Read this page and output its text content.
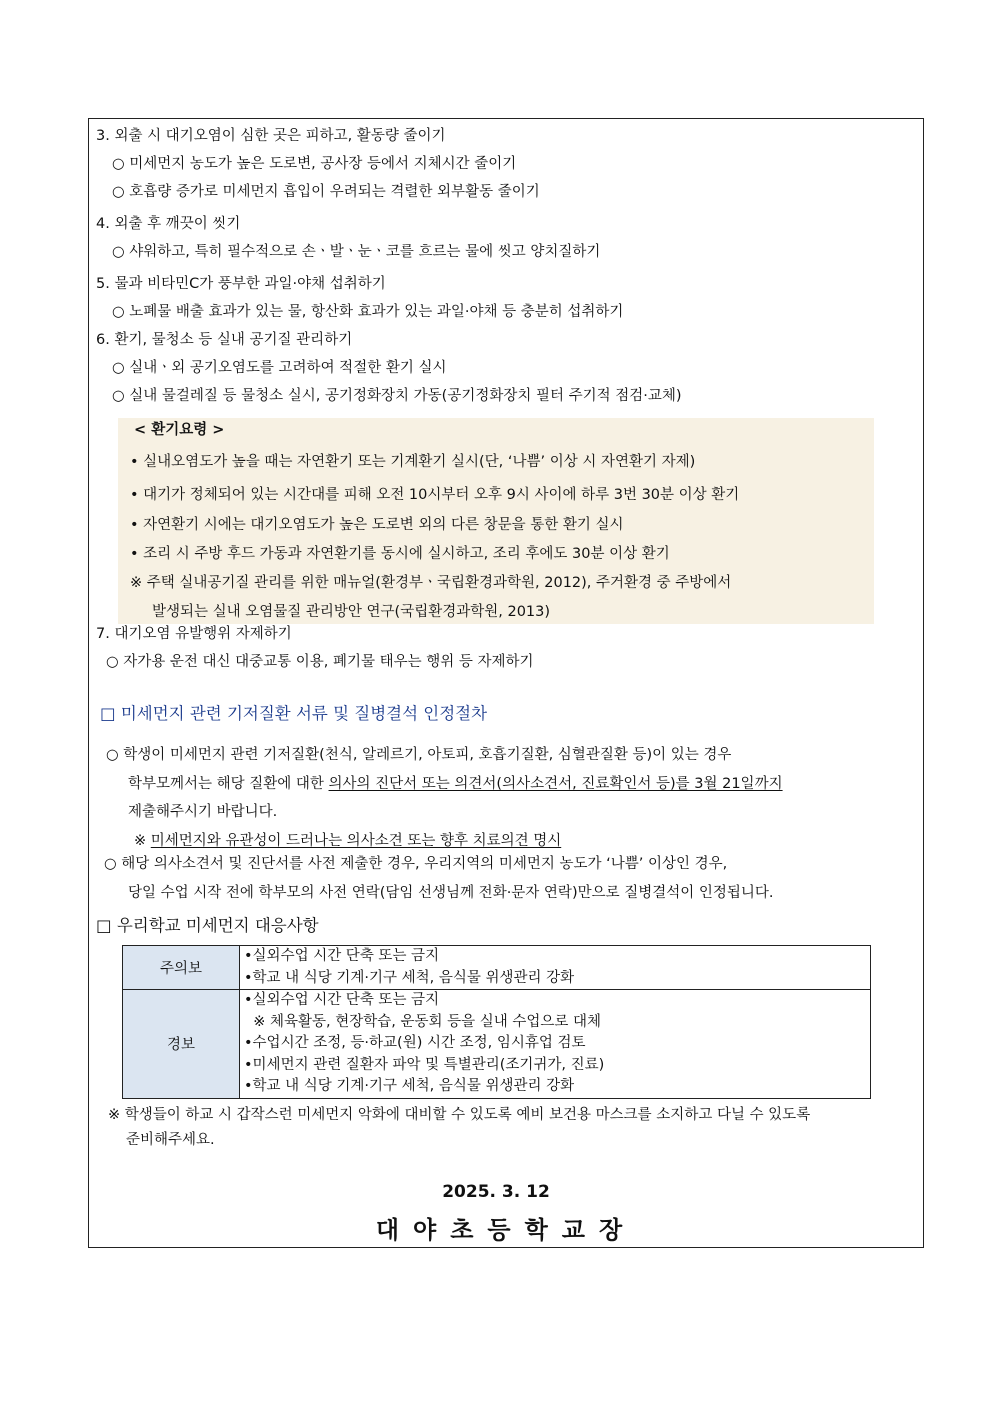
3. 외출 시 대기오염이 심한 곳은 피하고, 활동량 줄이기
○ 미세먼지 농도가 높은 도로변, 공사장 등에서 지체시간 줄이기
○ 호흡량 증가로 미세먼지 흡입이 우려되는 격렬한 외부활동 줄이기
4. 외출 후 깨끗이 씻기
○ 샤워하고, 특히 필수적으로 손ㆍ발ㆍ눈ㆍ코를 흐르는 물에 씻고 양치질하기
5. 물과 비타민C가 풍부한 과일·야채 섭취하기
○ 노폐물 배출 효과가 있는 물, 항산화 효과가 있는 과일·야채 등 충분히 섭취하기
6. 환기, 물청소 등 실내 공기질 관리하기
○ 실내ㆍ외 공기오염도를 고려하여 적절한 환기 실시
○ 실내 물걸레질 등 물청소 실시, 공기정화장치 가동(공기정화장치 필터 주기적 점검·교체)
< 환기요령 >
• 실내오염도가 높을 때는 자연환기 또는 기계환기 실시(단, ‘나쁨’ 이상 시 자연환기 자제)
• 대기가 정체되어 있는 시간대를 피해 오전 10시부터 오후 9시 사이에 하루 3번 30분 이상 환기
• 자연환기 시에는 대기오염도가 높은 도로변 외의 다른 창문을 통한 환기 실시
• 조리 시 주방 후드 가동과 자연환기를 동시에 실시하고, 조리 후에도 30분 이상 환기
※ 주택 실내공기질 관리를 위한 매뉴얼(환경부ㆍ국립환경과학원, 2012), 주거환경 중 주방에서
발생되는 실내 오염물질 관리방안 연구(국립환경과학원, 2013)
7. 대기오염 유발행위 자제하기
○ 자가용 운전 대신 대중교통 이용, 폐기물 태우는 행위 등 자제하기
□ 미세먼지 관련 기저질환 서류 및 질병결석 인정절차
○ 학생이 미세먼지 관련 기저질환(천식, 알레르기, 아토피, 호흡기질환, 심혈관질환 등)이 있는 경우
학부모께서는 해당 질환에 대한 의사의 진단서 또는 의견서(의사소견서, 진료확인서 등)를 3월 21일까지
제출해주시기 바랍니다.
※ 미세먼지와 유관성이 드러나는 의사소견 또는 향후 치료의견 명시
○ 해당 의사소견서 및 진단서를 사전 제출한 경우, 우리지역의 미세먼지 농도가 ‘나쁨’ 이상인 경우,
당일 수업 시작 전에 학부모의 사전 연락(담임 선생님께 전화·문자 연락)만으로 질병결석이 인정됩니다.
□ 우리학교 미세먼지 대응사항
주의보	•실외수업 시간 단축 또는 금지
•학교 내 식당 기계·기구 세척, 음식물 위생관리 강화

경보	•실외수업 시간 단축 또는 금지
※ 체육활동, 현장학습, 운동회 등을 실내 수업으로 대체
•수업시간 조정, 등·하교(원) 시간 조정, 임시휴업 검토
•미세먼지 관련 질환자 파악 및 특별관리(조기귀가, 진료)
•학교 내 식당 기계·기구 세척, 음식물 위생관리 강화
※ 학생들이 하교 시 갑작스런 미세먼지 악화에 대비할 수 있도록 예비 보건용 마스크를 소지하고 다닐 수 있도록
준비해주세요.
2025. 3. 12
대야초등학교장
